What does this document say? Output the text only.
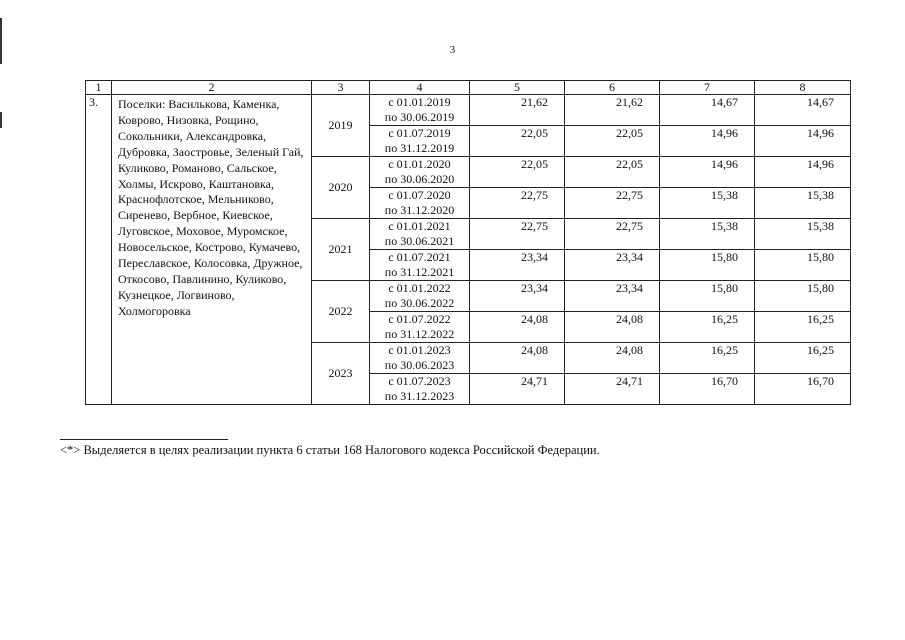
3
1	2	3	4	5	6	7	8
3.	Поселки: Василькова, Каменка, Коврово, Низовка, Рощино, Сокольники, Александровка, Дубровка, Заостровье, Зеленый Гай, Куликово, Романово, Сальское, Холмы, Искрово, Каштановка, Краснофлотское, Мельниково, Сиренево, Вербное, Киевское, Луговское, Моховое, Муромское, Новосельское, Кострово, Кумачево, Переславское, Колосовка, Дружное, Откосово, Павлинино, Куликово, Кузнецкое, Логвиново, Холмогоровка	2019	с 01.01.2019
по 30.06.2019	21,62	21,62	14,67	14,67

			с 01.07.2019
по 31.12.2019	22,05	22,05	14,96	14,96
		2020	с 01.01.2020
по 30.06.2020	22,05	22,05	14,96	14,96

			с 01.07.2020
по 31.12.2020	22,75	22,75	15,38	15,38
		2021	с 01.01.2021
по 30.06.2021	22,75	22,75	15,38	15,38

			с 01.07.2021
по 31.12.2021	23,34	23,34	15,80	15,80
		2022	с 01.01.2022
по 30.06.2022	23,34	23,34	15,80	15,80

			с 01.07.2022
по 31.12.2022	24,08	24,08	16,25	16,25
		2023	с 01.01.2023
по 30.06.2023	24,08	24,08	16,25	16,25

			с 01.07.2023
по 31.12.2023	24,71	24,71	16,70	16,70
<*> Выделяется в целях реализации пункта 6 статьи 168 Налогового кодекса Российской Федерации.
